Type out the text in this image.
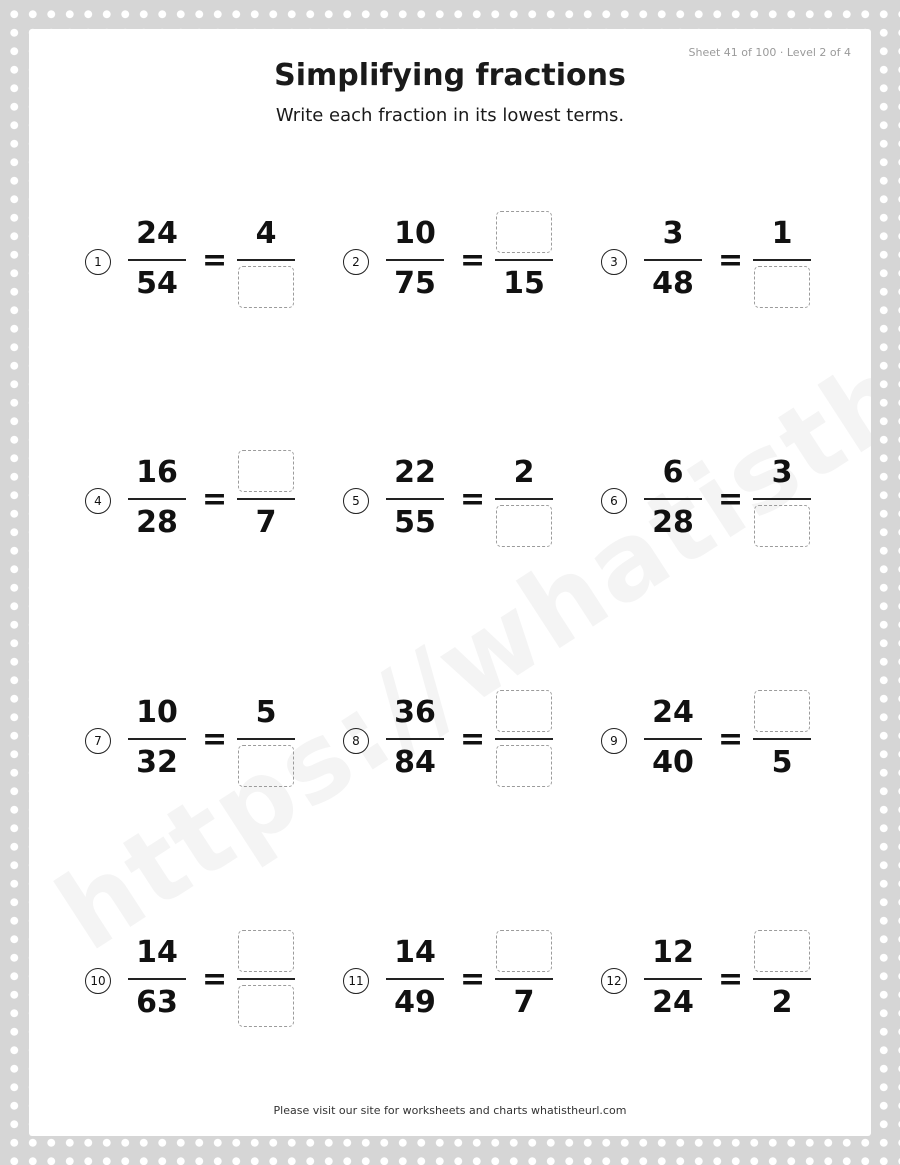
Sheet 41 of 100 · Level 2 of 4
Simplifying fractions
Write each fraction in its lowest terms.
1
24
54
=
4
2
10
75
=
15
3
3
48
=
1
4
16
28
=
7
5
22
55
=
2
6
6
28
=
3
7
10
32
=
5
8
36
84
=	9
24
40
=
5
10
14
63
=	11
14
49
=
7
12
12
24
=
2
Please visit our site for worksheets and charts whatistheurl.com
